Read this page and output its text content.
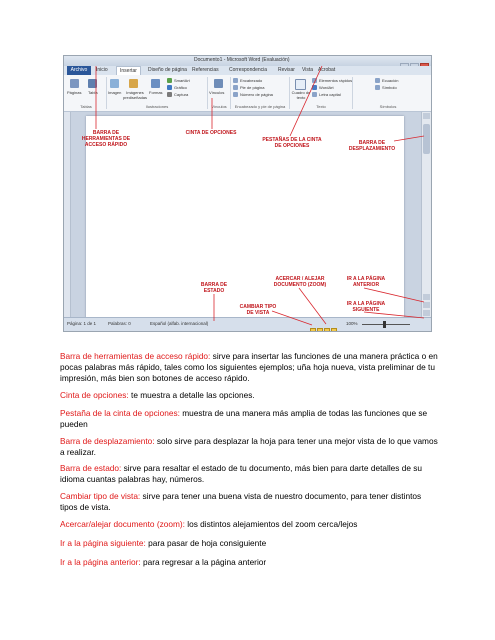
Documento1 - Microsoft Word (Evaluación)
Archivo	Inicio	Insertar	Diseño de página Referencias Correspondencia Revisar Vista Acrobat
Páginas Tabla
Tablas
Imagen	Imágenes prediseñadas
Formas
SmartArt
Gráfico
Captura
Ilustraciones
Vínculos
Vínculos
Encabezado
Pie de página
Número de página
Encabezado y pie de página
Cuadro de texto
Elementos rápidos
WordArt
Letra capital
Texto
Ecuación
Símbolo
Símbolos
Página: 1 de 1	Palabras: 0	Español (alfab. internacional)	100%
BARRA DE HERRAMIENTAS DE ACCESO RÁPIDO
CINTA DE OPCIONES
PESTAÑAS DE LA CINTA DE OPCIONES	BARRA DE DESPLAZAMIENTO
BARRA DE ESTADO
ACERCAR / ALEJAR DOCUMENTO (ZOOM)
CAMBIAR TIPO DE VISTA
IR A LA PÁGINA ANTERIOR
IR A LA PÁGINA SIGUIENTE
Barra de herramientas de acceso rápido: sirve para insertar las funciones de una manera práctica o en pocas palabras más rápido, tales como los siguientes ejemplos; uña hoja nueva, vista preliminar de tu impresión, más bien son botones de acceso rápido.
Cinta de opciones: te muestra a detalle las opciones.
Pestaña de la cinta de opciones: muestra de una manera más amplia de todas las funciones que se pueden
Barra de desplazamiento: solo sirve para desplazar la hoja para tener una mejor vista de lo que vamos a realizar.
Barra de estado: sirve para resaltar el estado de tu documento, más bien para darte detalles de su idioma cuantas palabras hay, números.
Cambiar tipo de vista: sirve para tener una buena vista de nuestro documento, para tener distintos tipos de vista.
Acercar/alejar documento (zoom): los distintos alejamientos del zoom cerca/lejos
Ir a la página siguiente: para pasar de hoja consiguiente
Ir a la página anterior: para regresar a la página anterior
